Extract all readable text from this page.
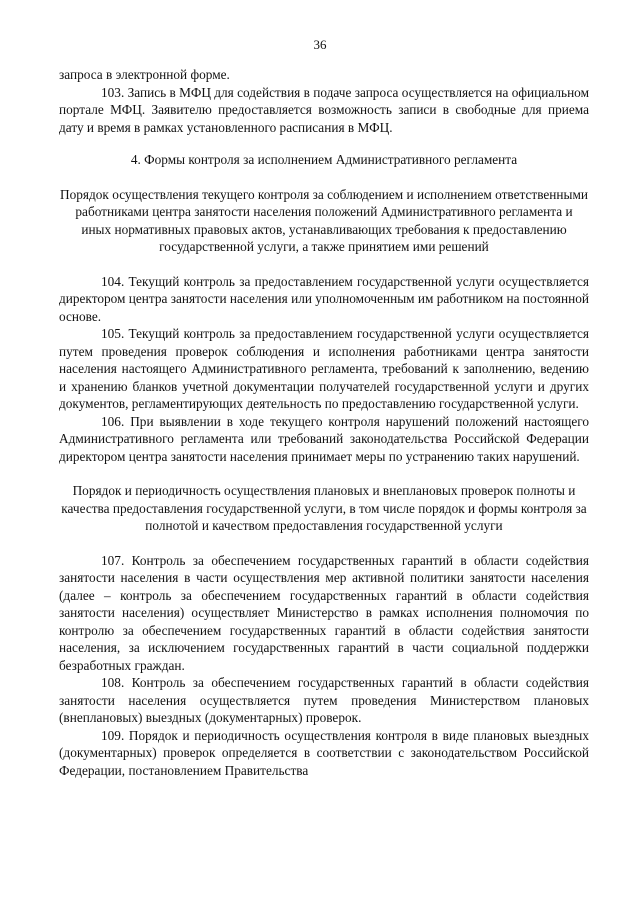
36

запроса в электронной форме.

103. Запись в МФЦ для содействия в подаче запроса осуществляется на официальном портале МФЦ. Заявителю предоставляется возможность записи в свободные для приема дату и время в рамках установленного расписания в МФЦ.

4. Формы контроля за исполнением Административного регламента

Порядок осуществления текущего контроля за соблюдением и исполнением ответственными работниками центра занятости населения положений Административного регламента и иных нормативных правовых актов, устанавливающих требования к предоставлению государственной услуги, а также принятием ими решений

104. Текущий контроль за предоставлением государственной услуги осуществляется директором центра занятости населения или уполномоченным им работником на постоянной основе.

105. Текущий контроль за предоставлением государственной услуги осуществляется путем проведения проверок соблюдения и исполнения работниками центра занятости населения настоящего Административного регламента, требований к заполнению, ведению и хранению бланков учетной документации получателей государственной услуги и других документов, регламентирующих деятельность по предоставлению государственной услуги.

106. При выявлении в ходе текущего контроля нарушений положений настоящего Административного регламента или требований законодательства Российской Федерации директором центра занятости населения принимает меры по устранению таких нарушений.

Порядок и периодичность осуществления плановых и внеплановых проверок полноты и качества предоставления государственной услуги, в том числе порядок и формы контроля за полнотой и качеством предоставления государственной услуги

107. Контроль за обеспечением государственных гарантий в области содействия занятости населения в части осуществления мер активной политики занятости населения (далее – контроль за обеспечением государственных гарантий в области содействия занятости населения) осуществляет Министерство в рамках исполнения полномочия по контролю за обеспечением государственных гарантий в области содействия занятости населения, за исключением государственных гарантий в части социальной поддержки безработных граждан.

108. Контроль за обеспечением государственных гарантий в области содействия занятости населения осуществляется путем проведения Министерством плановых (внеплановых) выездных (документарных) проверок.

109. Порядок и периодичность осуществления контроля в виде плановых выездных (документарных) проверок определяется в соответствии с законодательством Российской Федерации, постановлением Правительства
